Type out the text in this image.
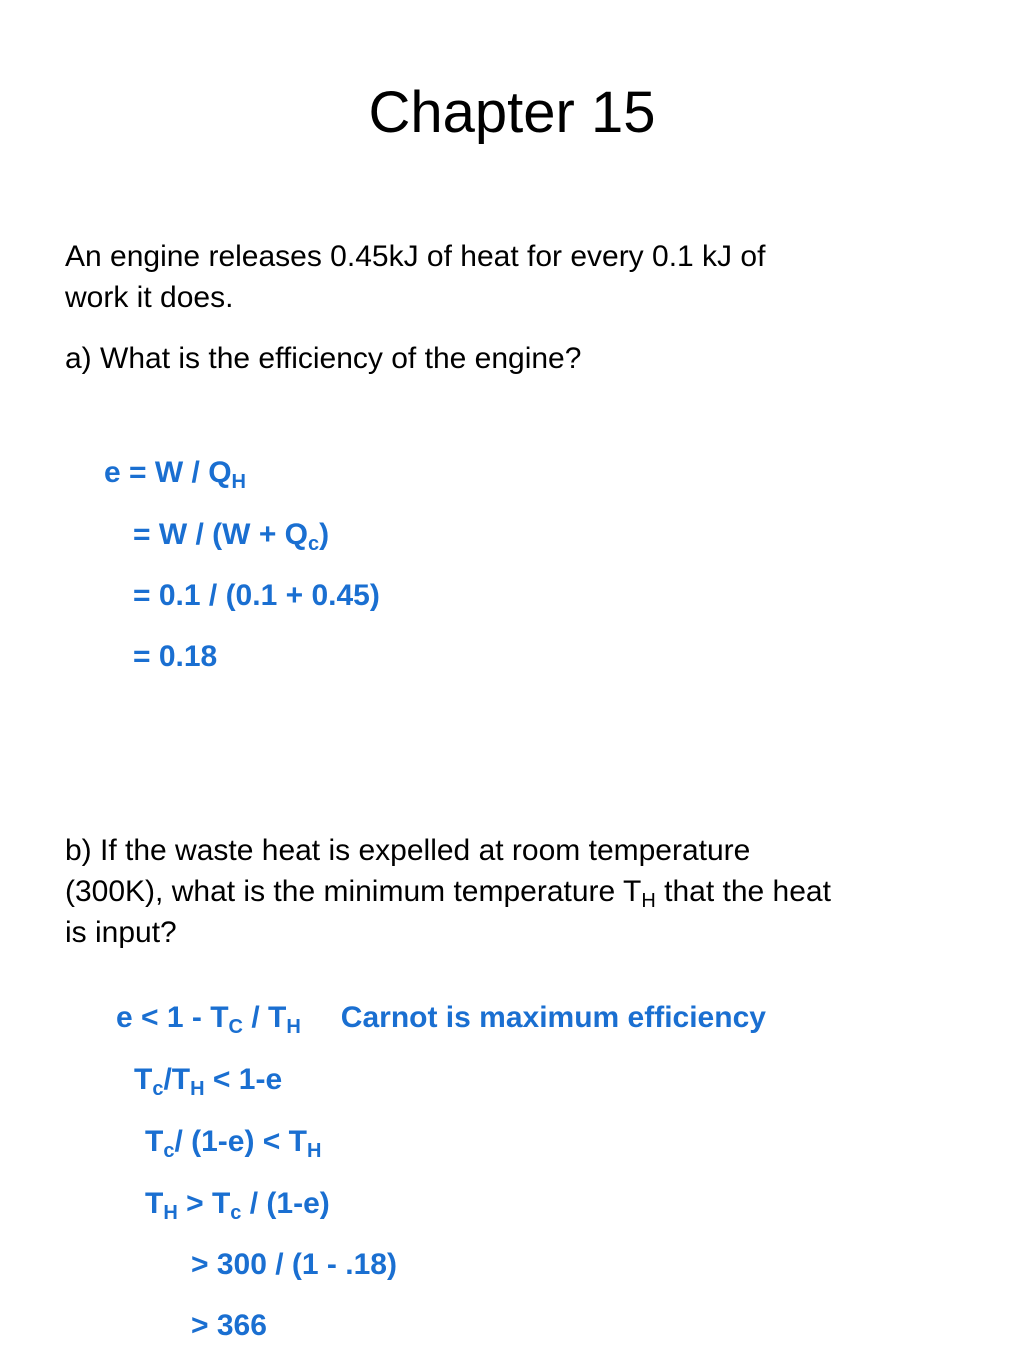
Chapter 15

An engine releases 0.45kJ of heat for every 0.1 kJ of
work it does.

a) What is the efficiency of the engine?

$e = W / Q_H$

= $W / (W + Q_c)$

= 0.1 / (0.1 + 0.45)

= 0.18

b) If the waste heat is expelled at room temperature
(300K), what is the minimum temperature $T_H$ that the heat
is input?

$e < 1 - T_C / T_H$ Carnot is maximum efficiency

$T_c/T_H < 1-e$

$T_c/$ $(1-e) < T_H$

$T_H > T_c / (1-e)$

> 300 / (1 - .18)

> 366
